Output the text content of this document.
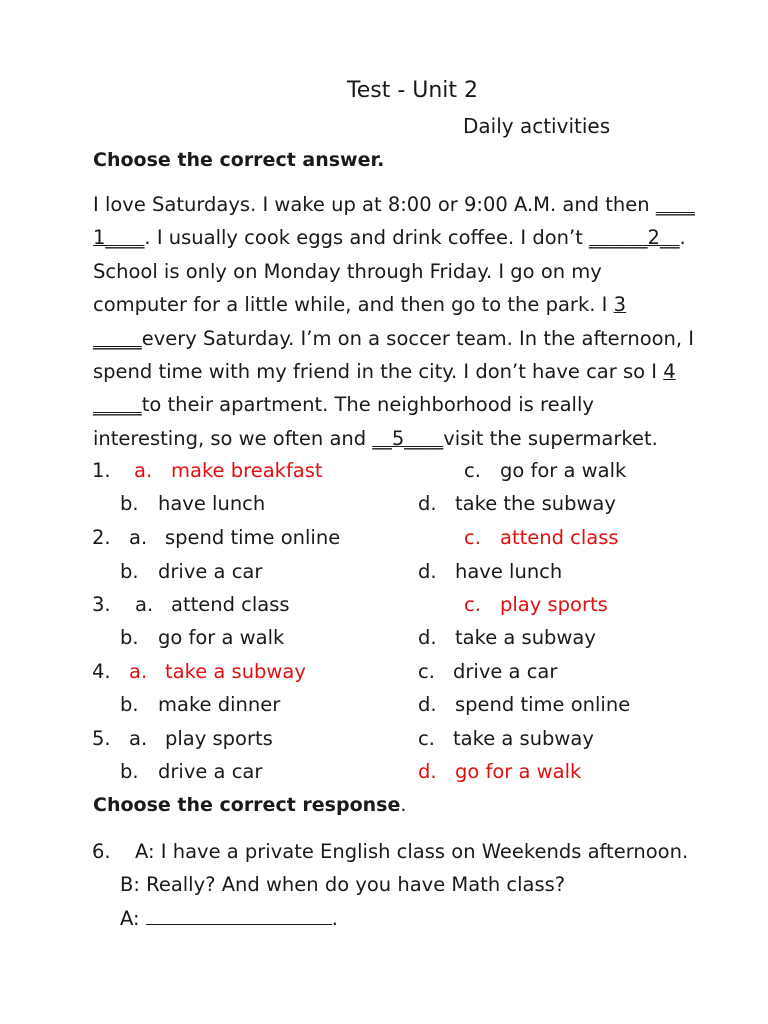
Test - Unit 2
Daily activities
Choose the correct answer.
I love Saturdays. I wake up at 8:00 or 9:00 A.M. and then ____
1____. I usually cook eggs and drink coffee. I don’t ______2__.
School is only on Monday through Friday. I go on my
computer for a little while, and then go to the park. I 3
_____every Saturday. I’m on a soccer team. In the afternoon, I
spend time with my friend in the city. I don’t have car so I 4
_____to their apartment. The neighborhood is really
interesting, so we often and __5____visit the supermarket.
1. a. make breakfast	c. go for a walk
b. have lunch	d. take the subway
2. a. spend time online	c. attend class
b. drive a car	d. have lunch
3. a. attend class	c. play sports
b. go for a walk	d. take a subway
4. a. take a subway	c. drive a car
b. make dinner	d. spend time online
5. a. play sports	c. take a subway
b. drive a car	d. go for a walk
Choose the correct response.
6. A: I have a private English class on Weekends afternoon.
B: Really? And when do you have Math class?
A:	.
